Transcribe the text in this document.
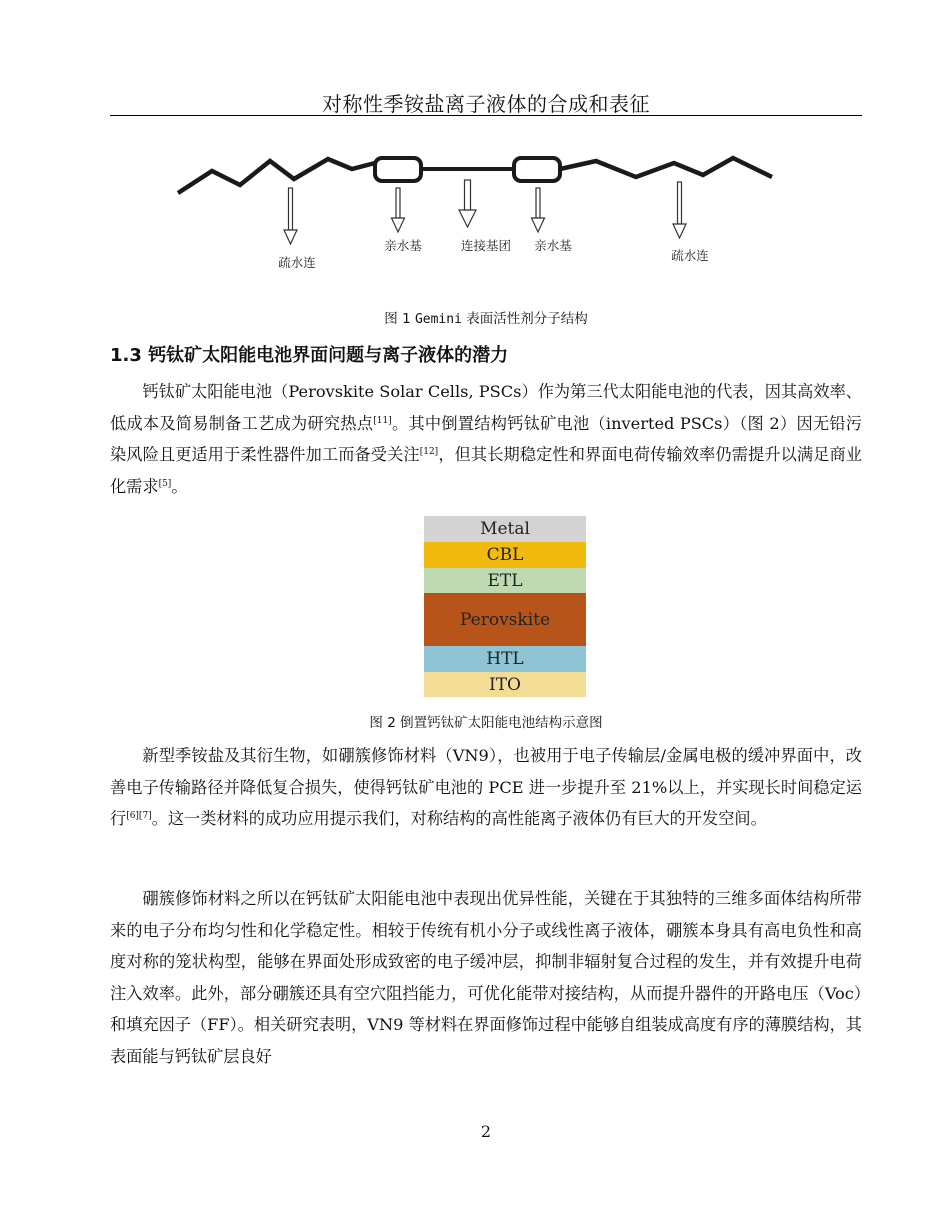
对称性季铵盐离子液体的合成和表征
疏水连
亲水基	连接基团 亲水基
疏水连
图 1 Gemini 表面活性剂分子结构
1.3 钙钛矿太阳能电池界面问题与离子液体的潜力

钙钛矿太阳能电池（Perovskite Solar Cells, PSCs）作为第三代太阳能电池的代表，因其高效率、低成本及简易制备工艺成为研究热点[11]。其中倒置结构钙钛矿电池（inverted PSCs）（图 2）因无铅污染风险且更适用于柔性器件加工而备受关注[12]，但其长期稳定性和界面电荷传输效率仍需提升以满足商业化需求[5]。

Metal
CBL
ETL
Perovskite
HTL
ITO
图 2 倒置钙钛矿太阳能电池结构示意图

新型季铵盐及其衍生物，如硼簇修饰材料（VN9），也被用于电子传输层/金属电极的缓冲界面中，改善电子传输路径并降低复合损失，使得钙钛矿电池的 PCE 进一步提升至 21%以上，并实现长时间稳定运行[6][7]。这一类材料的成功应用提示我们，对称结构的高性能离子液体仍有巨大的开发空间。

硼簇修饰材料之所以在钙钛矿太阳能电池中表现出优异性能，关键在于其独特的三维多面体结构所带来的电子分布均匀性和化学稳定性。相较于传统有机小分子或线性离子液体，硼簇本身具有高电负性和高度对称的笼状构型，能够在界面处形成致密的电子缓冲层，抑制非辐射复合过程的发生，并有效提升电荷注入效率。此外，部分硼簇还具有空穴阻挡能力，可优化能带对接结构，从而提升器件的开路电压（Voc）和填充因子（FF）。相关研究表明，VN9 等材料在界面修饰过程中能够自组装成高度有序的薄膜结构，其表面能与钙钛矿层良好

2
